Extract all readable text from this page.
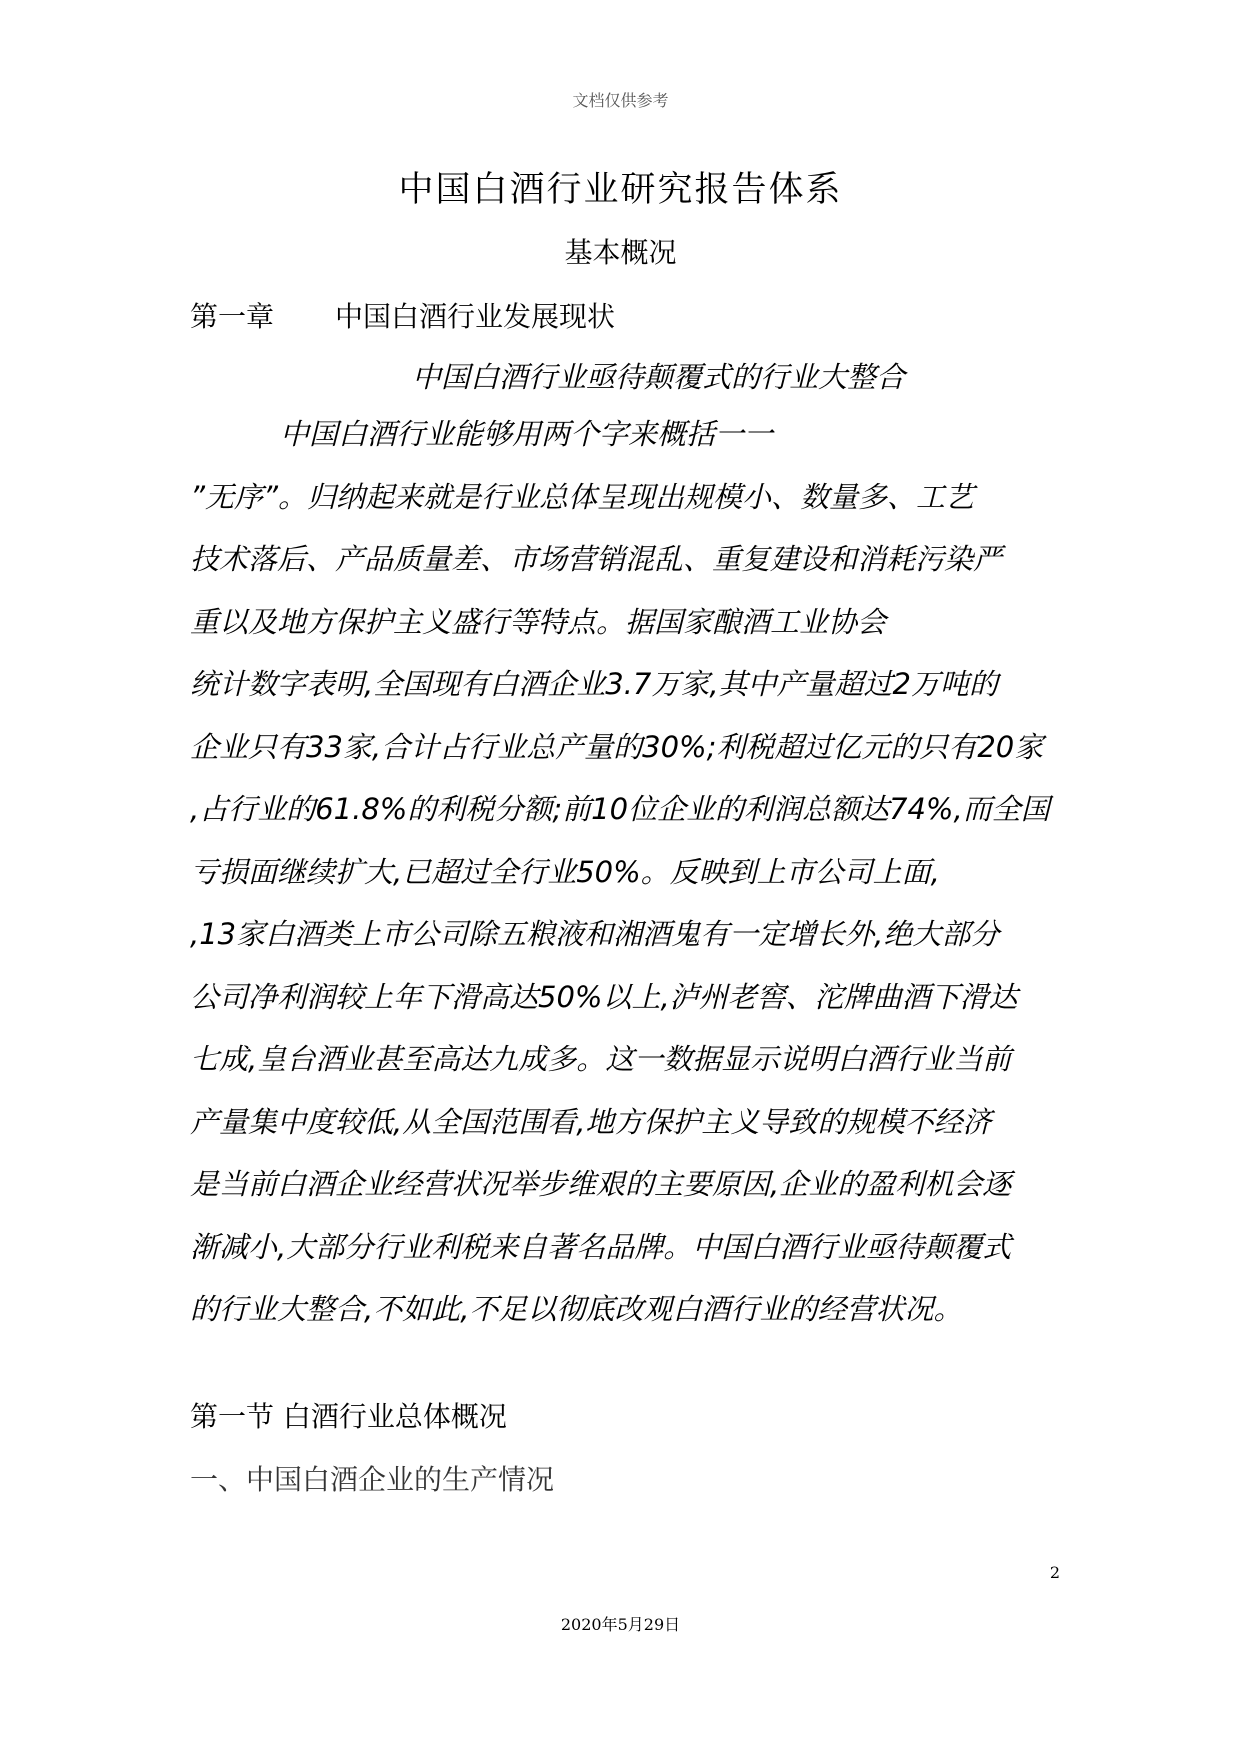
文档仅供参考
中国白酒行业研究报告体系
基本概况
第一章 中国白酒行业发展现状
中国白酒行业亟待颠覆式的行业大整合
中国白酒行业能够用两个字来概括一一
”无序”。归纳起来就是行业总体呈现出规模小、数量多、工艺
技术落后、产品质量差、市场营销混乱、重复建设和消耗污染严
重以及地方保护主义盛行等特点。据国家酿酒工业协会
统计数字表明,全国现有白酒企业3.7万家,其中产量超过2万吨的
企业只有33家,合计占行业总产量的30%;利税超过亿元的只有20家
,占行业的61.8%的利税分额;前10位企业的利润总额达74%,而全国
亏损面继续扩大,已超过全行业50%。反映到上市公司上面,
,13家白酒类上市公司除五粮液和湘酒鬼有一定增长外,绝大部分
公司净利润较上年下滑高达50%以上,泸州老窖、沱牌曲酒下滑达
七成,皇台酒业甚至高达九成多。这一数据显示说明白酒行业当前
产量集中度较低,从全国范围看,地方保护主义导致的规模不经济
是当前白酒企业经营状况举步维艰的主要原因,企业的盈利机会逐
渐减小,大部分行业利税来自著名品牌。中国白酒行业亟待颠覆式
的行业大整合,不如此,不足以彻底改观白酒行业的经营状况。
第一节 白酒行业总体概况
一、中国白酒企业的生产情况
2
2020年5月29日
